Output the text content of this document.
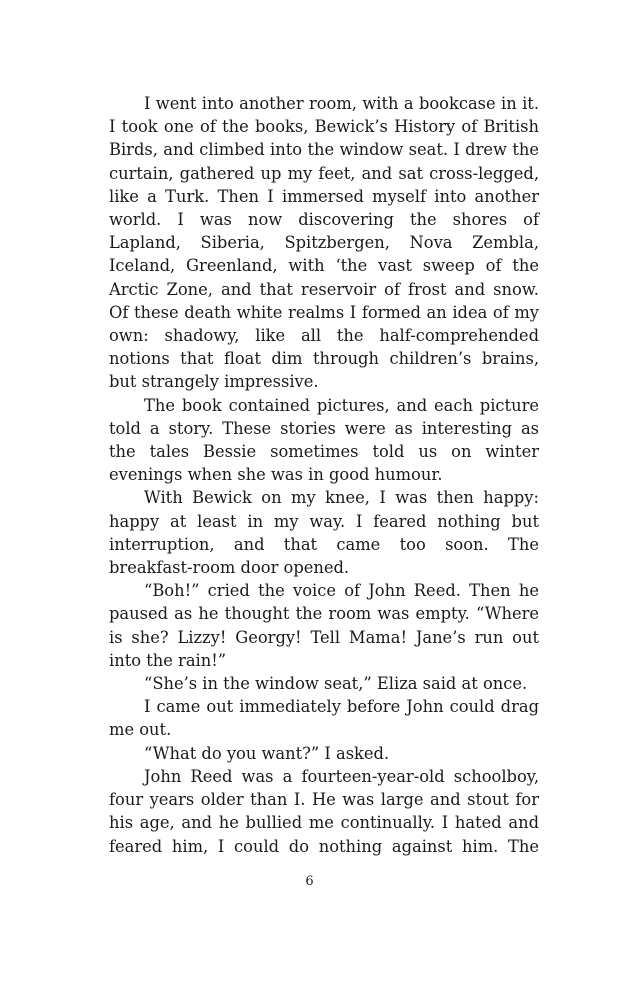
I went into another room, with a bookcase in it. I took one of the books, Bewick’s History of British Birds, and climbed into the window seat. I drew the curtain, gathered up my feet, and sat cross-legged, like a Turk. Then I immersed myself into another world. I was now discovering the shores of Lapland, Siberia, Spitzbergen, Nova Zembla, Iceland, Greenland, with ‘the vast sweep of the Arctic Zone, and that reservoir of frost and snow. Of these death white realms I formed an idea of my own: shadowy, like all the half-comprehended notions that float dim through children’s brains, but strangely impressive.

The book contained pictures, and each picture told a story. These stories were as interesting as the tales Bessie sometimes told us on winter evenings when she was in good humour.

With Bewick on my knee, I was then happy: happy at least in my way. I feared nothing but interruption, and that came too soon. The breakfast-room door opened.

“Boh!” cried the voice of John Reed. Then he paused as he thought the room was empty. “Where is she? Lizzy! Georgy! Tell Mama! Jane’s run out into the rain!”

“She’s in the window seat,” Eliza said at once.

I came out immediately before John could drag me out.

“What do you want?” I asked.

John Reed was a fourteen-year-old schoolboy, four years older than I. He was large and stout for his age, and he bullied me continually. I hated and feared him, I could do nothing against him. The

6
